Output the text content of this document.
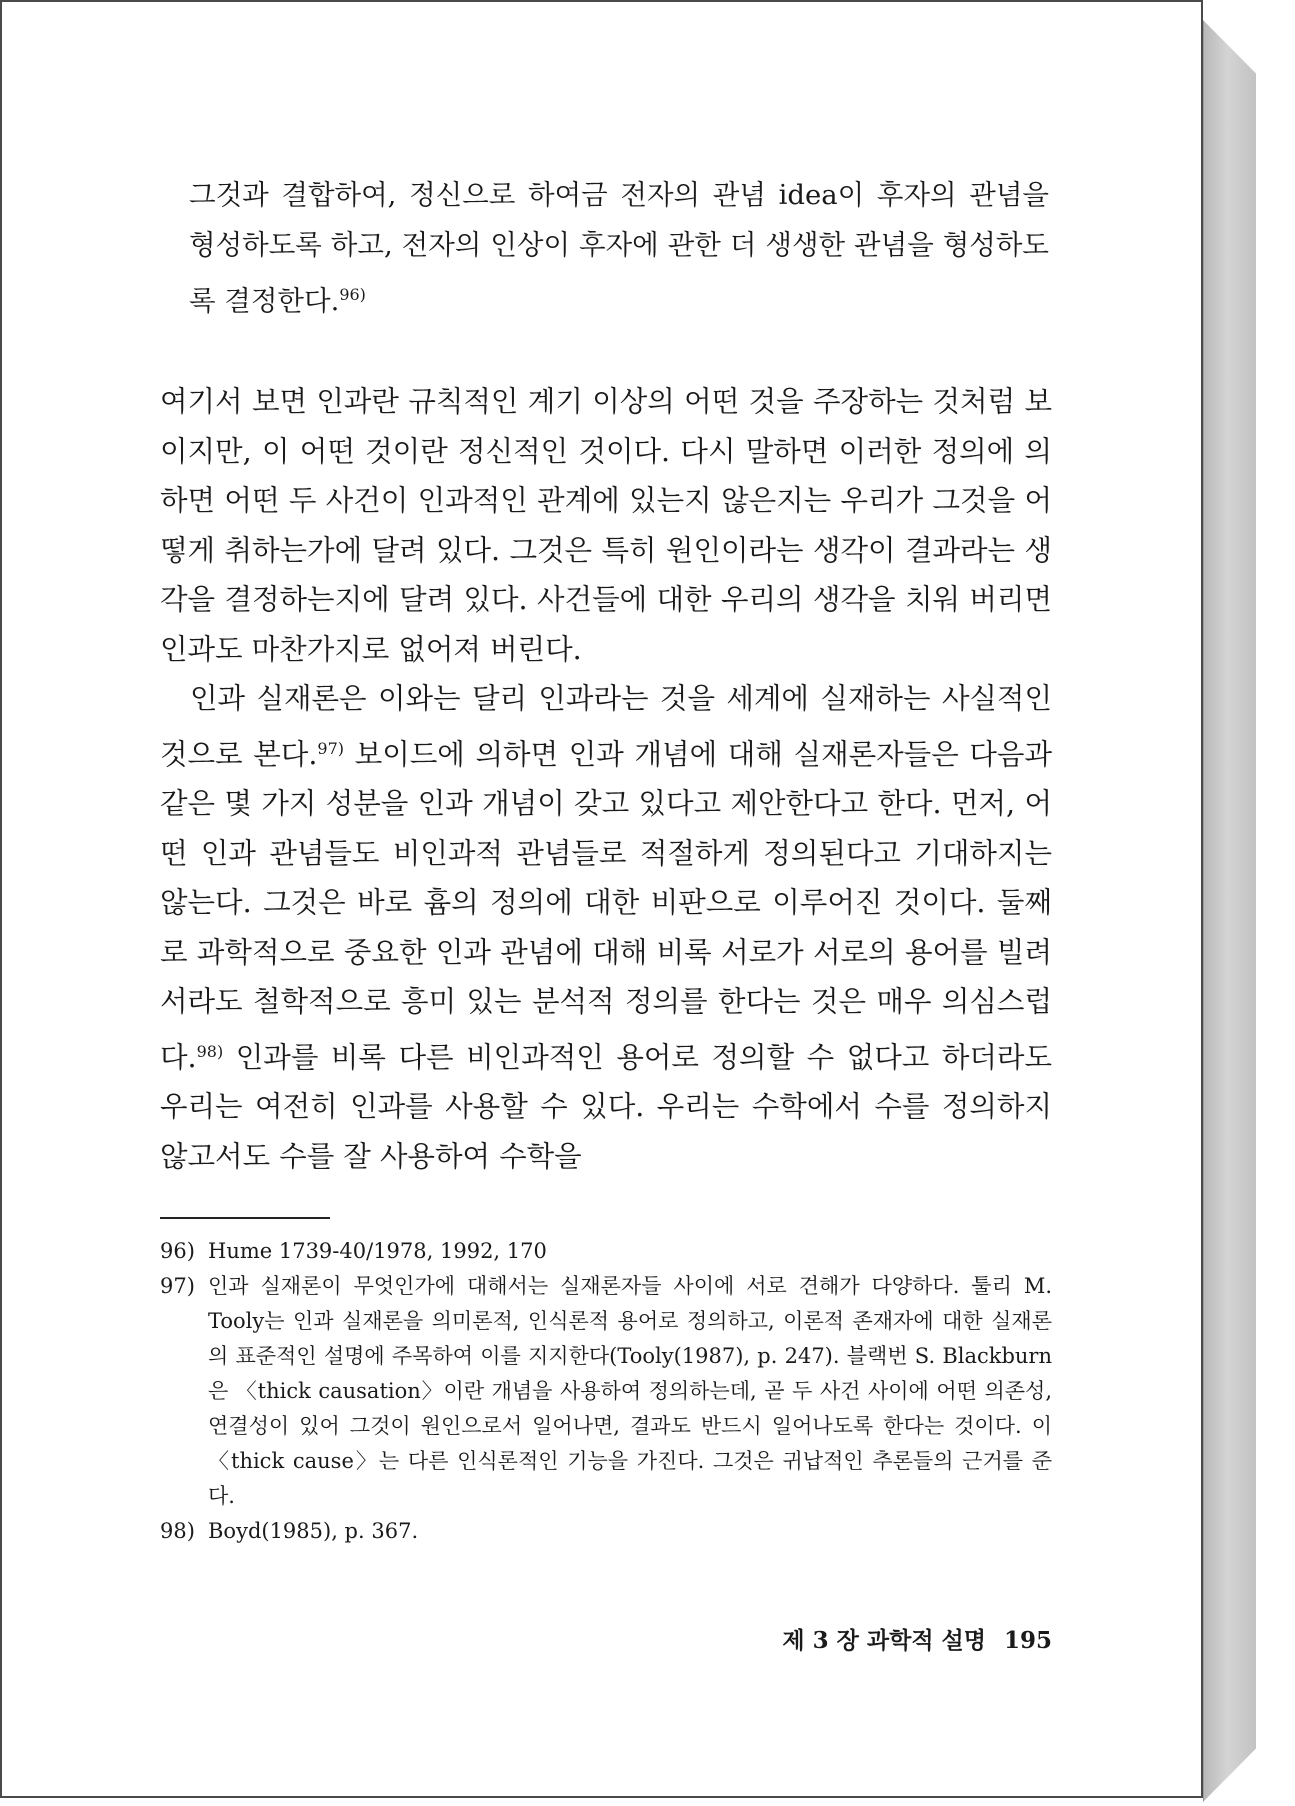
그것과 결합하여, 정신으로 하여금 전자의 관념 idea이 후자의 관념을 형성하도록 하고, 전자의 인상이 후자에 관한 더 생생한 관념을 형성하도록 결정한다.$^{96)}$

여기서 보면 인과란 규칙적인 계기 이상의 어떤 것을 주장하는 것처럼 보이지만, 이 어떤 것이란 정신적인 것이다. 다시 말하면 이러한 정의에 의하면 어떤 두 사건이 인과적인 관계에 있는지 않은지는 우리가 그것을 어떻게 취하는가에 달려 있다. 그것은 특히 원인이라는 생각이 결과라는 생각을 결정하는지에 달려 있다. 사건들에 대한 우리의 생각을 치워 버리면 인과도 마찬가지로 없어져 버린다.

인과 실재론은 이와는 달리 인과라는 것을 세계에 실재하는 사실적인 것으로 본다.$^{97)}$ 보이드에 의하면 인과 개념에 대해 실재론자들은 다음과 같은 몇 가지 성분을 인과 개념이 갖고 있다고 제안한다고 한다. 먼저, 어떤 인과 관념들도 비인과적 관념들로 적절하게 정의된다고 기대하지는 않는다. 그것은 바로 흄의 정의에 대한 비판으로 이루어진 것이다. 둘째로 과학적으로 중요한 인과 관념에 대해 비록 서로가 서로의 용어를 빌려서라도 철학적으로 흥미 있는 분석적 정의를 한다는 것은 매우 의심스럽다.$^{98)}$ 인과를 비록 다른 비인과적인 용어로 정의할 수 없다고 하더라도 우리는 여전히 인과를 사용할 수 있다. 우리는 수학에서 수를 정의하지 않고서도 수를 잘 사용하여 수학을

96) Hume 1739-40/1978, 1992, 170
97) 인과 실재론이 무엇인가에 대해서는 실재론자들 사이에 서로 견해가 다양하다. 툴리 M. Tooly는 인과 실재론을 의미론적, 인식론적 용어로 정의하고, 이론적 존재자에 대한 실재론의 표준적인 설명에 주목하여 이를 지지한다(Tooly(1987), p. 247). 블랙번 S. Blackburn은 〈thick causation〉이란 개념을 사용하여 정의하는데, 곧 두 사건 사이에 어떤 의존성, 연결성이 있어 그것이 원인으로서 일어나면, 결과도 반드시 일어나도록 한다는 것이다. 이 〈thick cause〉는 다른 인식론적인 기능을 가진다. 그것은 귀납적인 추론들의 근거를 준다.
98) Boyd(1985), p. 367.
제 3 장 과학적 설명 195
